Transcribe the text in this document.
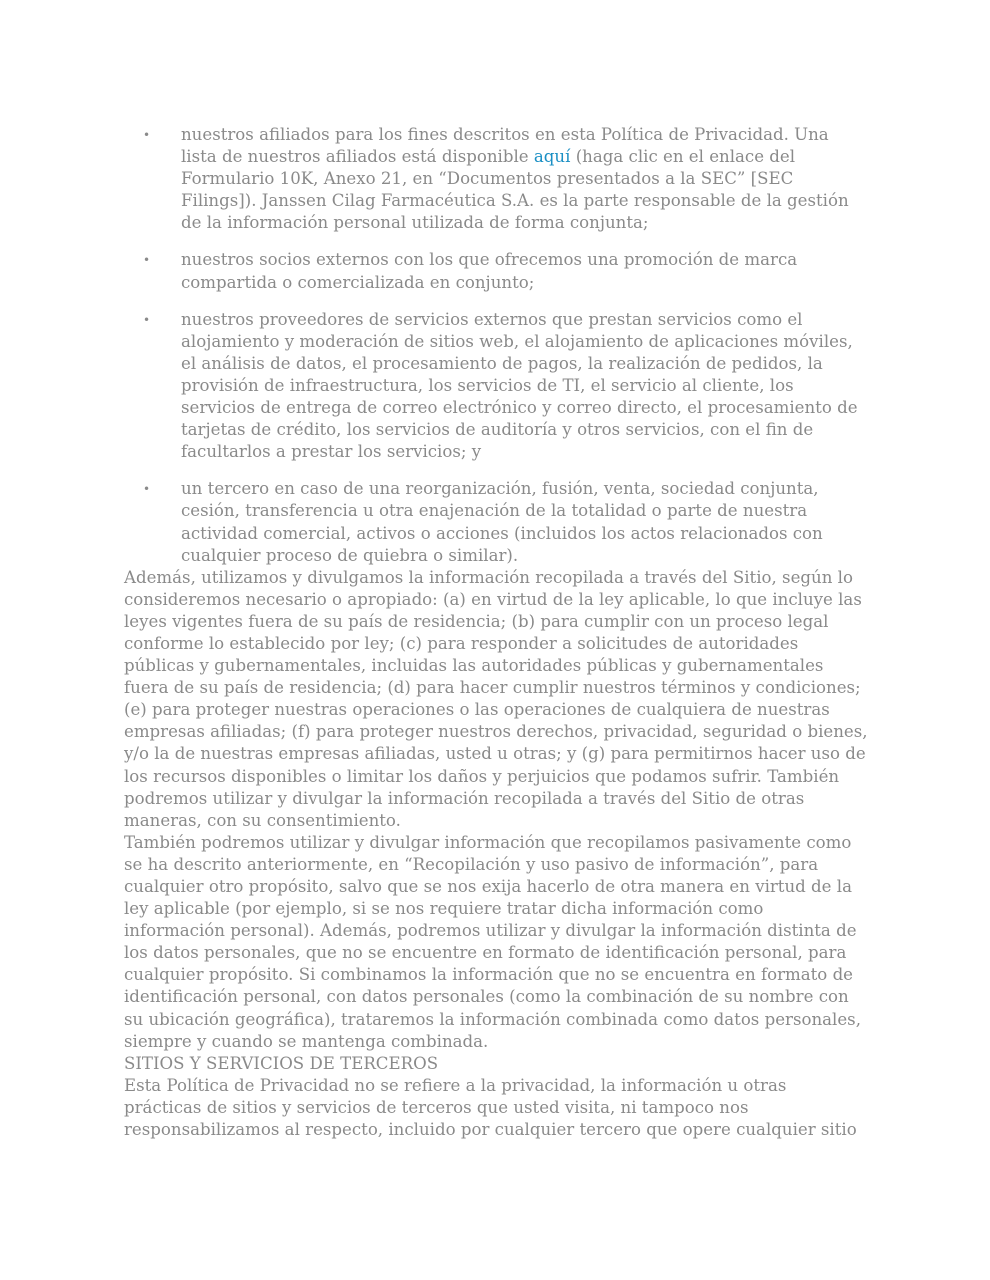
• nuestros afiliados para los fines descritos en esta Política de Privacidad. Una lista de nuestros afiliados está disponible aquí (haga clic en el enlace del Formulario 10K, Anexo 21, en “Documentos presentados a la SEC” [SEC Filings]). Janssen Cilag Farmacéutica S.A. es la parte responsable de la gestión de la información personal utilizada de forma conjunta;
• nuestros socios externos con los que ofrecemos una promoción de marca compartida o comercializada en conjunto;
• nuestros proveedores de servicios externos que prestan servicios como el alojamiento y moderación de sitios web, el alojamiento de aplicaciones móviles, el análisis de datos, el procesamiento de pagos, la realización de pedidos, la provisión de infraestructura, los servicios de TI, el servicio al cliente, los servicios de entrega de correo electrónico y correo directo, el procesamiento de tarjetas de crédito, los servicios de auditoría y otros servicios, con el fin de facultarlos a prestar los servicios; y
• un tercero en caso de una reorganización, fusión, venta, sociedad conjunta, cesión, transferencia u otra enajenación de la totalidad o parte de nuestra actividad comercial, activos o acciones (incluidos los actos relacionados con cualquier proceso de quiebra o similar).

Además, utilizamos y divulgamos la información recopilada a través del Sitio, según lo consideremos necesario o apropiado: (a) en virtud de la ley aplicable, lo que incluye las leyes vigentes fuera de su país de residencia; (b) para cumplir con un proceso legal conforme lo establecido por ley; (c) para responder a solicitudes de autoridades públicas y gubernamentales, incluidas las autoridades públicas y gubernamentales fuera de su país de residencia; (d) para hacer cumplir nuestros términos y condiciones; (e) para proteger nuestras operaciones o las operaciones de cualquiera de nuestras empresas afiliadas; (f) para proteger nuestros derechos, privacidad, seguridad o bienes, y/o la de nuestras empresas afiliadas, usted u otras; y (g) para permitirnos hacer uso de los recursos disponibles o limitar los daños y perjuicios que podamos sufrir. También podremos utilizar y divulgar la información recopilada a través del Sitio de otras maneras, con su consentimiento.

También podremos utilizar y divulgar información que recopilamos pasivamente como se ha descrito anteriormente, en “Recopilación y uso pasivo de información”, para cualquier otro propósito, salvo que se nos exija hacerlo de otra manera en virtud de la ley aplicable (por ejemplo, si se nos requiere tratar dicha información como información personal). Además, podremos utilizar y divulgar la información distinta de los datos personales, que no se encuentre en formato de identificación personal, para cualquier propósito. Si combinamos la información que no se encuentra en formato de identificación personal, con datos personales (como la combinación de su nombre con su ubicación geográfica), trataremos la información combinada como datos personales, siempre y cuando se mantenga combinada.

SITIOS Y SERVICIOS DE TERCEROS

Esta Política de Privacidad no se refiere a la privacidad, la información u otras prácticas de sitios y servicios de terceros que usted visita, ni tampoco nos responsabilizamos al respecto, incluido por cualquier tercero que opere cualquier sitio
